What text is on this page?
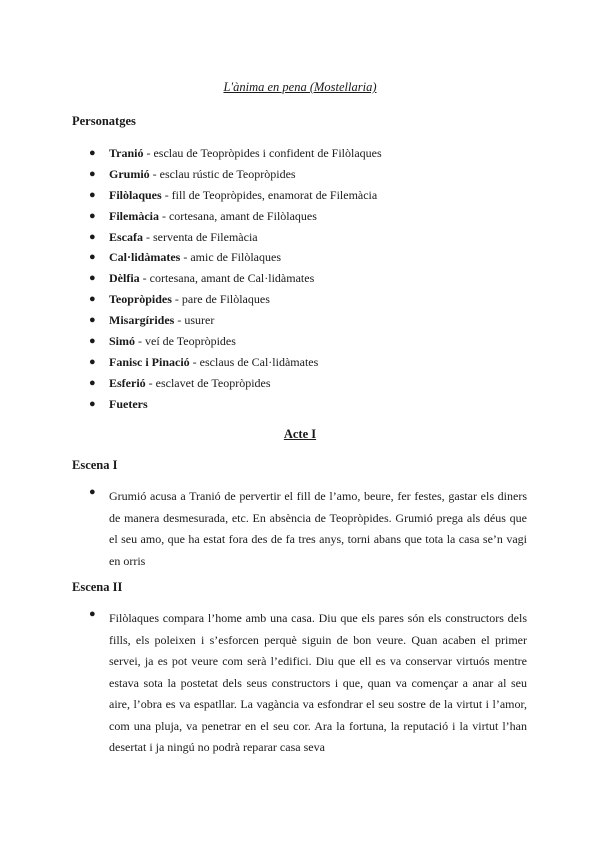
L'ànima en pena (Mostellaria)
Personatges
● Tranió - esclau de Teopròpides i confident de Filòlaques
● Grumió - esclau rústic de Teopròpides
● Filòlaques - fill de Teopròpides, enamorat de Filemàcia
● Filemàcia - cortesana, amant de Filòlaques
● Escafa - serventa de Filemàcia
● Cal·lidàmates - amic de Filòlaques
● Dèlfia - cortesana, amant de Cal·lidàmates
● Teopròpides - pare de Filòlaques
● Misargírides - usurer
● Simó - veí de Teopròpides
● Fanisc i Pinació - esclaus de Cal·lidàmates
● Esferió - esclavet de Teopròpides
● Fueters
Acte I
Escena I
● Grumió acusa a Tranió de pervertir el fill de l’amo, beure, fer festes, gastar els diners de manera desmesurada, etc. En absència de Teopròpides. Grumió prega als déus que el seu amo, que ha estat fora des de fa tres anys, torni abans que tota la casa se’n vagi en orris
Escena II
● Filòlaques compara l’home amb una casa. Diu que els pares són els constructors dels fills, els poleixen i s’esforcen perquè siguin de bon veure. Quan acaben el primer servei, ja es pot veure com serà l’edifici. Diu que ell es va conservar virtuós mentre estava sota la postetat dels seus constructors i que, quan va començar a anar al seu aire, l’obra es va espatllar. La vagància va esfondrar el seu sostre de la virtut i l’amor, com una pluja, va penetrar en el seu cor. Ara la fortuna, la reputació i la virtut l’han desertat i ja ningú no podrà reparar casa seva
